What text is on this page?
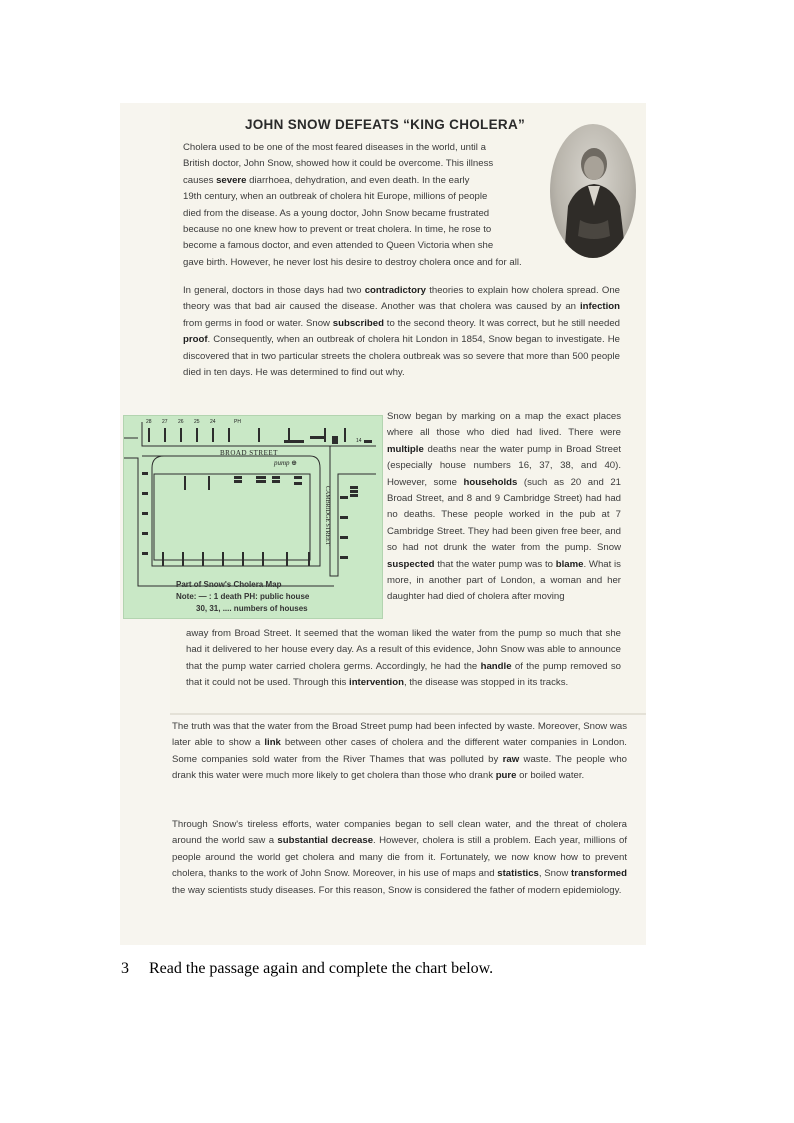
JOHN SNOW DEFEATS “KING CHOLERA”
Cholera used to be one of the most feared diseases in the world, until a
British doctor, John Snow, showed how it could be overcome. This illness
causes severe diarrhoea, dehydration, and even death. In the early
19th century, when an outbreak of cholera hit Europe, millions of people
died from the disease. As a young doctor, John Snow became frustrated
because no one knew how to prevent or treat cholera. In time, he rose to
become a famous doctor, and even attended to Queen Victoria when she
gave birth. However, he never lost his desire to destroy cholera once and for all.
In general, doctors in those days had two contradictory theories to explain how cholera spread. One theory was that bad air caused the disease. Another was that cholera was caused by an infection from germs in food or water. Snow subscribed to the second theory. It was correct, but he still needed proof. Consequently, when an outbreak of cholera hit London in 1854, Snow began to investigate. He discovered that in two particular streets the cholera outbreak was so severe that more than 500 people died in ten days. He was determined to find out why.
BROAD STREET
pump ⊕
CAMBRIDGE STREET
28 27 26 25 24	PH
14
Part of Snow's Cholera Map
Note: — : 1 death PH: public house
30, 31, .... numbers of houses
Snow began by marking on a map the exact places where all those who died had lived. There were multiple deaths near the water pump in Broad Street (especially house numbers 16, 37, 38, and 40). However, some households (such as 20 and 21 Broad Street, and 8 and 9 Cambridge Street) had had no deaths. These people worked in the pub at 7 Cambridge Street. They had been given free beer, and so had not drunk the water from the pump. Snow suspected that the water pump was to blame. What is more, in another part of London, a woman and her daughter had died of cholera after moving
away from Broad Street. It seemed that the woman liked the water from the pump so much that she had it delivered to her house every day. As a result of this evidence, John Snow was able to announce that the pump water carried cholera germs. Accordingly, he had the handle of the pump removed so that it could not be used. Through this intervention, the disease was stopped in its tracks.
The truth was that the water from the Broad Street pump had been infected by waste. Moreover, Snow was later able to show a link between other cases of cholera and the different water companies in London. Some companies sold water from the River Thames that was polluted by raw waste. The people who drank this water were much more likely to get cholera than those who drank pure or boiled water.
Through Snow's tireless efforts, water companies began to sell clean water, and the threat of cholera around the world saw a substantial decrease. However, cholera is still a problem. Each year, millions of people around the world get cholera and many die from it. Fortunately, we now know how to prevent cholera, thanks to the work of John Snow. Moreover, in his use of maps and statistics, Snow transformed the way scientists study diseases. For this reason, Snow is considered the father of modern epidemiology.
3 Read the passage again and complete the chart below.
